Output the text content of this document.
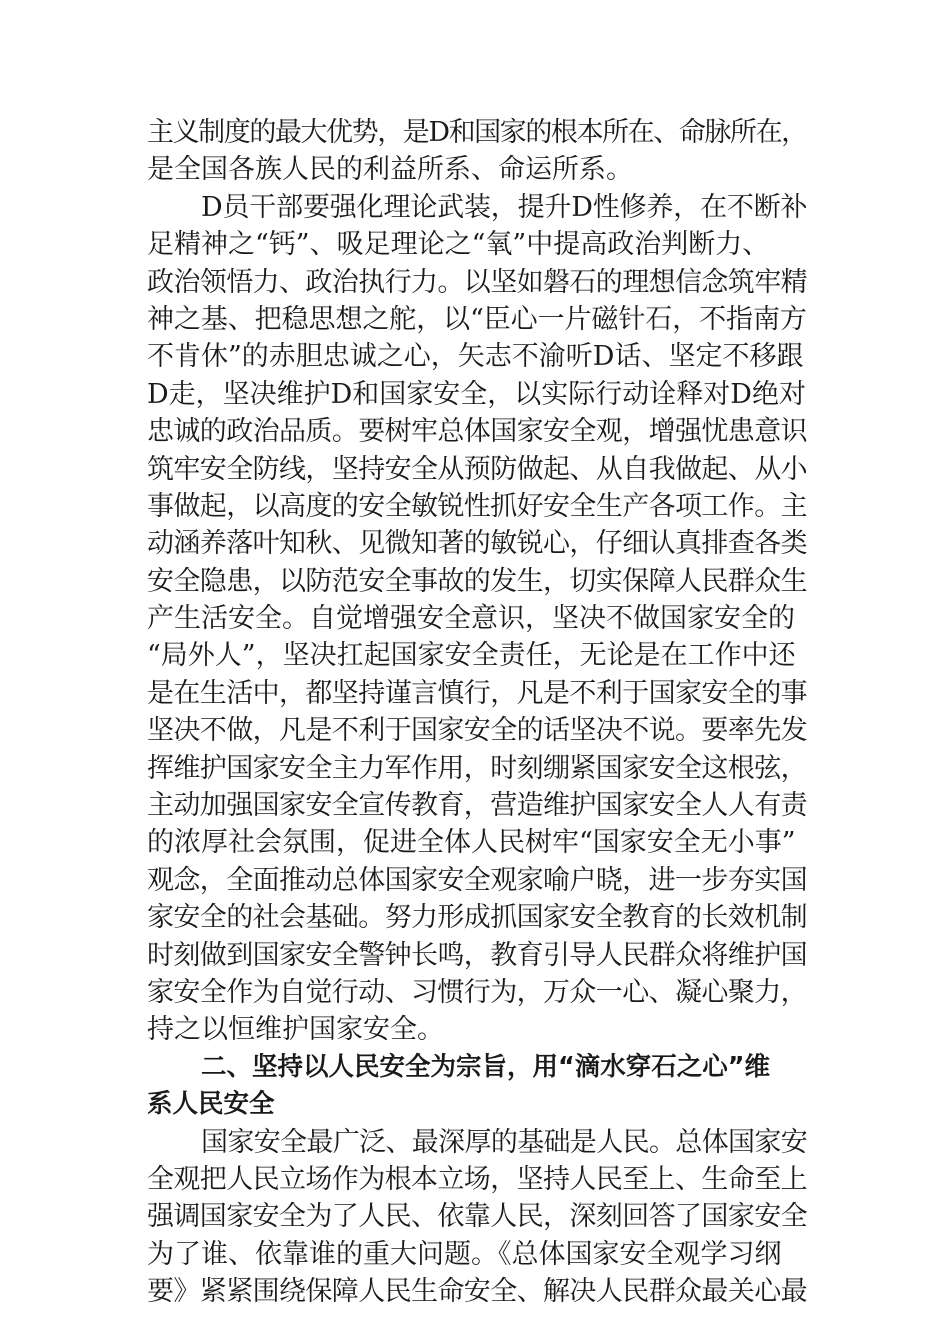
主义制度的最大优势，是D和国家的根本所在、命脉所在，
是全国各族人民的利益所系、命运所系。
D员干部要强化理论武装，提升D性修养，在不断补
足精神之“钙”、吸足理论之“氧”中提高政治判断力、
政治领悟力、政治执行力。以坚如磐石的理想信念筑牢精
神之基、把稳思想之舵，以“臣心一片磁针石，不指南方
不肯休”的赤胆忠诚之心，矢志不渝听D话、坚定不移跟
D走，坚决维护D和国家安全，以实际行动诠释对D绝对
忠诚的政治品质。要树牢总体国家安全观，增强忧患意识
筑牢安全防线，坚持安全从预防做起、从自我做起、从小
事做起，以高度的安全敏锐性抓好安全生产各项工作。主
动涵养落叶知秋、见微知著的敏锐心，仔细认真排查各类
安全隐患，以防范安全事故的发生，切实保障人民群众生
产生活安全。自觉增强安全意识，坚决不做国家安全的
“局外人”，坚决扛起国家安全责任，无论是在工作中还
是在生活中，都坚持谨言慎行，凡是不利于国家安全的事
坚决不做，凡是不利于国家安全的话坚决不说。要率先发
挥维护国家安全主力军作用，时刻绷紧国家安全这根弦，
主动加强国家安全宣传教育，营造维护国家安全人人有责
的浓厚社会氛围，促进全体人民树牢“国家安全无小事”
观念，全面推动总体国家安全观家喻户晓，进一步夯实国
家安全的社会基础。努力形成抓国家安全教育的长效机制
时刻做到国家安全警钟长鸣，教育引导人民群众将维护国
家安全作为自觉行动、习惯行为，万众一心、凝心聚力，
持之以恒维护国家安全。
二、坚持以人民安全为宗旨，用“滴水穿石之心”维
系人民安全
国家安全最广泛、最深厚的基础是人民。总体国家安
全观把人民立场作为根本立场，坚持人民至上、生命至上
强调国家安全为了人民、依靠人民，深刻回答了国家安全
为了谁、依靠谁的重大问题。《总体国家安全观学习纲
要》紧紧围绕保障人民生命安全、解决人民群众最关心最
